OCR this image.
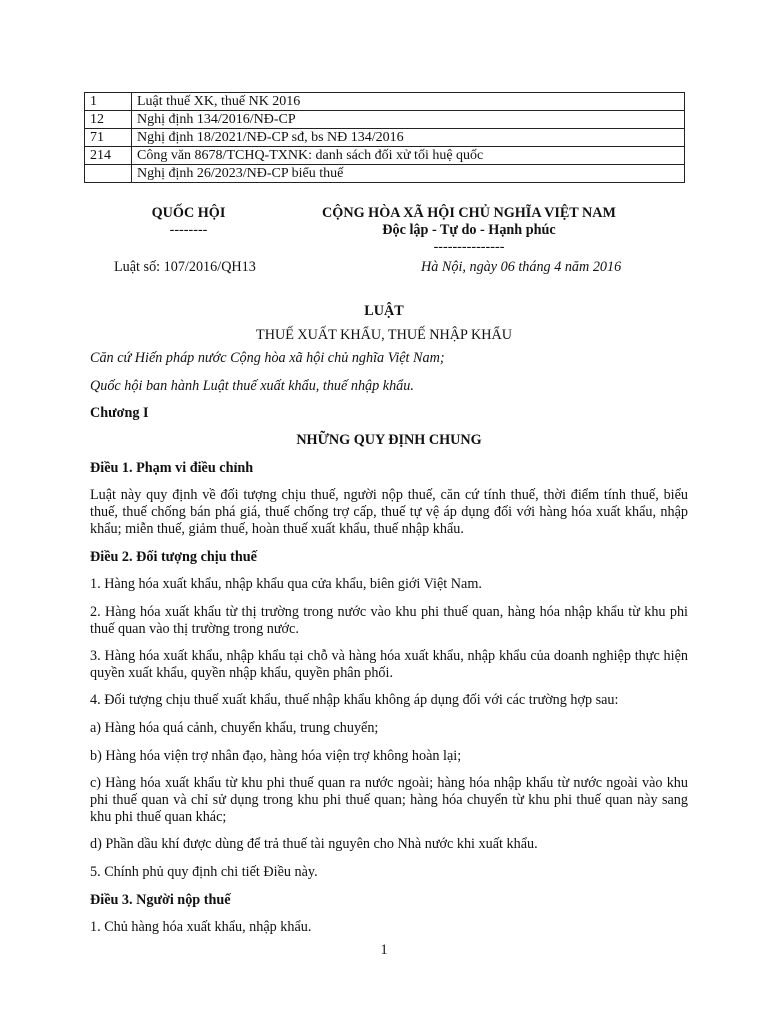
1	Luật thuế XK, thuế NK 2016
12	Nghị định 134/2016/NĐ-CP
71	Nghị định 18/2021/NĐ-CP sđ, bs NĐ 134/2016
214	Công văn 8678/TCHQ-TXNK: danh sách đối xử tối huệ quốc
	Nghị định 26/2023/NĐ-CP biểu thuế
QUỐC HỘI
--------
CỘNG HÒA XÃ HỘI CHỦ NGHĨA VIỆT NAM
Độc lập - Tự do - Hạnh phúc
---------------
Luật số: 107/2016/QH13	Hà Nội, ngày 06 tháng 4 năm 2016
LUẬT
THUẾ XUẤT KHẨU, THUẾ NHẬP KHẨU

Căn cứ Hiến pháp nước Cộng hòa xã hội chủ nghĩa Việt Nam;

Quốc hội ban hành Luật thuế xuất khẩu, thuế nhập khẩu.

Chương I

NHỮNG QUY ĐỊNH CHUNG

Điều 1. Phạm vi điều chỉnh

Luật này quy định về đối tượng chịu thuế, người nộp thuế, căn cứ tính thuế, thời điểm tính thuế, biểu thuế, thuế chống bán phá giá, thuế chống trợ cấp, thuế tự vệ áp dụng đối với hàng hóa xuất khẩu, nhập khẩu; miễn thuế, giảm thuế, hoàn thuế xuất khẩu, thuế nhập khẩu.

Điều 2. Đối tượng chịu thuế

1. Hàng hóa xuất khẩu, nhập khẩu qua cửa khẩu, biên giới Việt Nam.

2. Hàng hóa xuất khẩu từ thị trường trong nước vào khu phi thuế quan, hàng hóa nhập khẩu từ khu phi thuế quan vào thị trường trong nước.

3. Hàng hóa xuất khẩu, nhập khẩu tại chỗ và hàng hóa xuất khẩu, nhập khẩu của doanh nghiệp thực hiện quyền xuất khẩu, quyền nhập khẩu, quyền phân phối.

4. Đối tượng chịu thuế xuất khẩu, thuế nhập khẩu không áp dụng đối với các trường hợp sau:

a) Hàng hóa quá cảnh, chuyển khẩu, trung chuyển;

b) Hàng hóa viện trợ nhân đạo, hàng hóa viện trợ không hoàn lại;

c) Hàng hóa xuất khẩu từ khu phi thuế quan ra nước ngoài; hàng hóa nhập khẩu từ nước ngoài vào khu phi thuế quan và chỉ sử dụng trong khu phi thuế quan; hàng hóa chuyển từ khu phi thuế quan này sang khu phi thuế quan khác;

d) Phần dầu khí được dùng để trả thuế tài nguyên cho Nhà nước khi xuất khẩu.

5. Chính phủ quy định chi tiết Điều này.

Điều 3. Người nộp thuế

1. Chủ hàng hóa xuất khẩu, nhập khẩu.

1
